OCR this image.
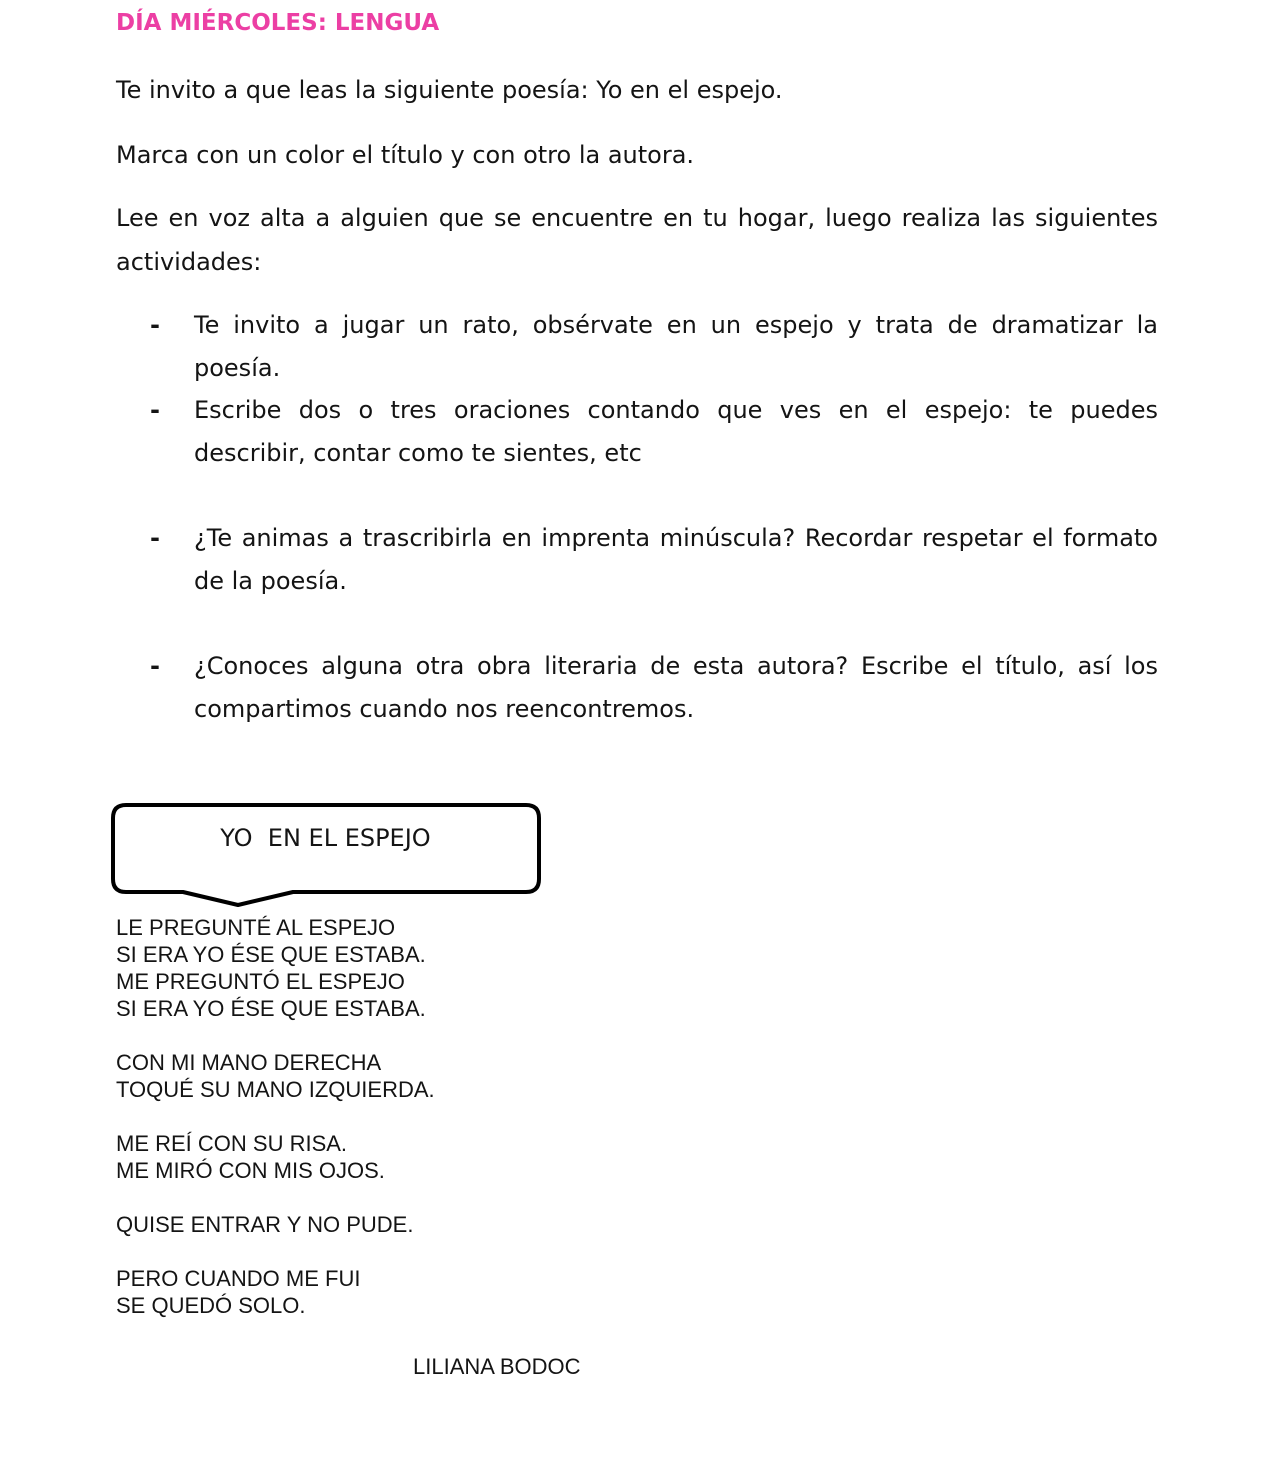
DÍA MIÉRCOLES: LENGUA
Te invito a que leas la siguiente poesía: Yo en el espejo.
Marca con un color el título y con otro la autora.
Lee en voz alta a alguien que se encuentre en tu hogar, luego realiza las siguientes actividades:
-	Te invito a jugar un rato, obsérvate en un espejo y trata de dramatizar la poesía.
-	Escribe dos o tres oraciones contando que ves en el espejo: te puedes describir, contar como te sientes, etc
-	¿Te animas a trascribirla en imprenta minúscula? Recordar respetar el formato de la poesía.
-	¿Conoces alguna otra obra literaria de esta autora? Escribe el título, así los compartimos cuando nos reencontremos.
YO  EN EL ESPEJO
LE PREGUNTÉ AL ESPEJO
SI ERA YO ÉSE QUE ESTABA.
ME PREGUNTÓ EL ESPEJO
SI ERA YO ÉSE QUE ESTABA.
CON MI MANO DERECHA
TOQUÉ SU MANO IZQUIERDA.
ME REÍ CON SU RISA.
ME MIRÓ CON MIS OJOS.
QUISE ENTRAR Y NO PUDE.
PERO CUANDO ME FUI
SE QUEDÓ SOLO.
LILIANA BODOC
